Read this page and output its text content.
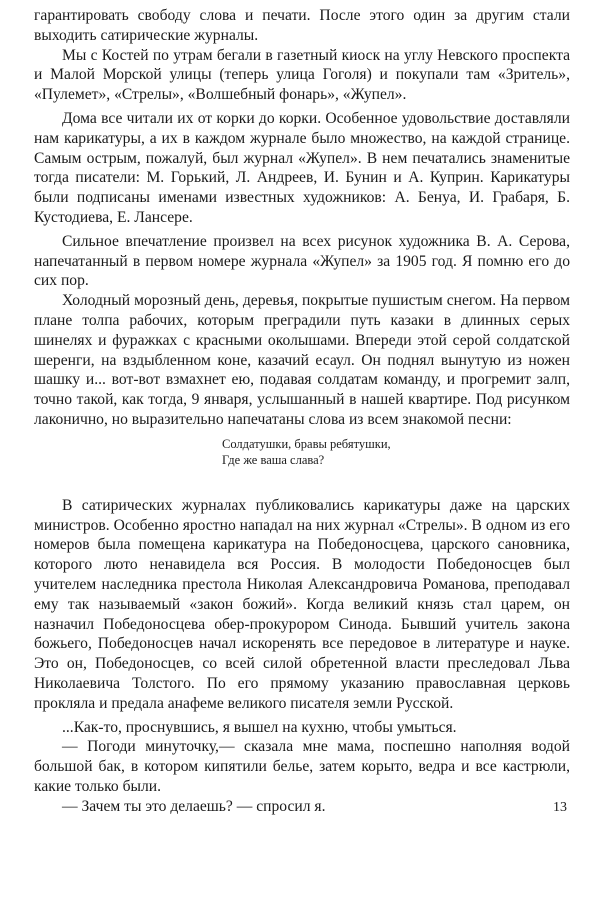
гарантировать свободу слова и печати. После этого один за другим стали выходить сатирические журналы.

Мы с Костей по утрам бегали в газетный киоск на углу Невского проспекта и Малой Морской улицы (теперь улица Гоголя) и покупали там «Зритель», «Пулемет», «Стрелы», «Волшебный фонарь», «Жупел».

Дома все читали их от корки до корки. Особенное удовольствие доставляли нам карикатуры, а их в каждом журнале было множество, на каждой странице. Самым острым, пожалуй, был журнал «Жупел». В нем печатались знаменитые тогда писатели: М. Горький, Л. Андреев, И. Бунин и А. Куприн. Карикатуры были подписаны именами известных художников: А. Бенуа, И. Грабаря, Б. Кустодиева, Е. Лансере.

Сильное впечатление произвел на всех рисунок художника В. А. Серова, напечатанный в первом номере журнала «Жупел» за 1905 год. Я помню его до сих пор.

Холодный морозный день, деревья, покрытые пушистым снегом. На первом плане толпа рабочих, которым преградили путь казаки в длинных серых шинелях и фуражках с красными околышами. Впереди этой серой солдатской шеренги, на вздыбленном коне, казачий есаул. Он поднял вынутую из ножен шашку и... вот-вот взмахнет ею, подавая солдатам команду, и прогремит залп, точно такой, как тогда, 9 января, услышанный в нашей квартире. Под рисунком лаконично, но выразительно напечатаны слова из всем знакомой песни:

Солдатушки, бравы ребятушки,
Где же ваша слава?

В сатирических журналах публиковались карикатуры даже на царских министров. Особенно яростно нападал на них журнал «Стрелы». В одном из его номеров была помещена карикатура на Победоносцева, царского сановника, которого люто ненавидела вся Россия. В молодости Победоносцев был учителем наследника престола Николая Александровича Романова, преподавал ему так называемый «закон божий». Когда великий князь стал царем, он назначил Победоносцева обер-прокурором Синода. Бывший учитель закона божьего, Победоносцев начал искоренять все передовое в литературе и науке. Это он, Победоносцев, со всей силой обретенной власти преследовал Льва Николаевича Толстого. По его прямому указанию православная церковь прокляла и предала анафеме великого писателя земли Русской.

...Как-то, проснувшись, я вышел на кухню, чтобы умыться.

— Погоди минуточку,— сказала мне мама, поспешно наполняя водой большой бак, в котором кипятили белье, затем корыто, ведра и все кастрюли, какие только были.

— Зачем ты это делаешь? — спросил я.	13
